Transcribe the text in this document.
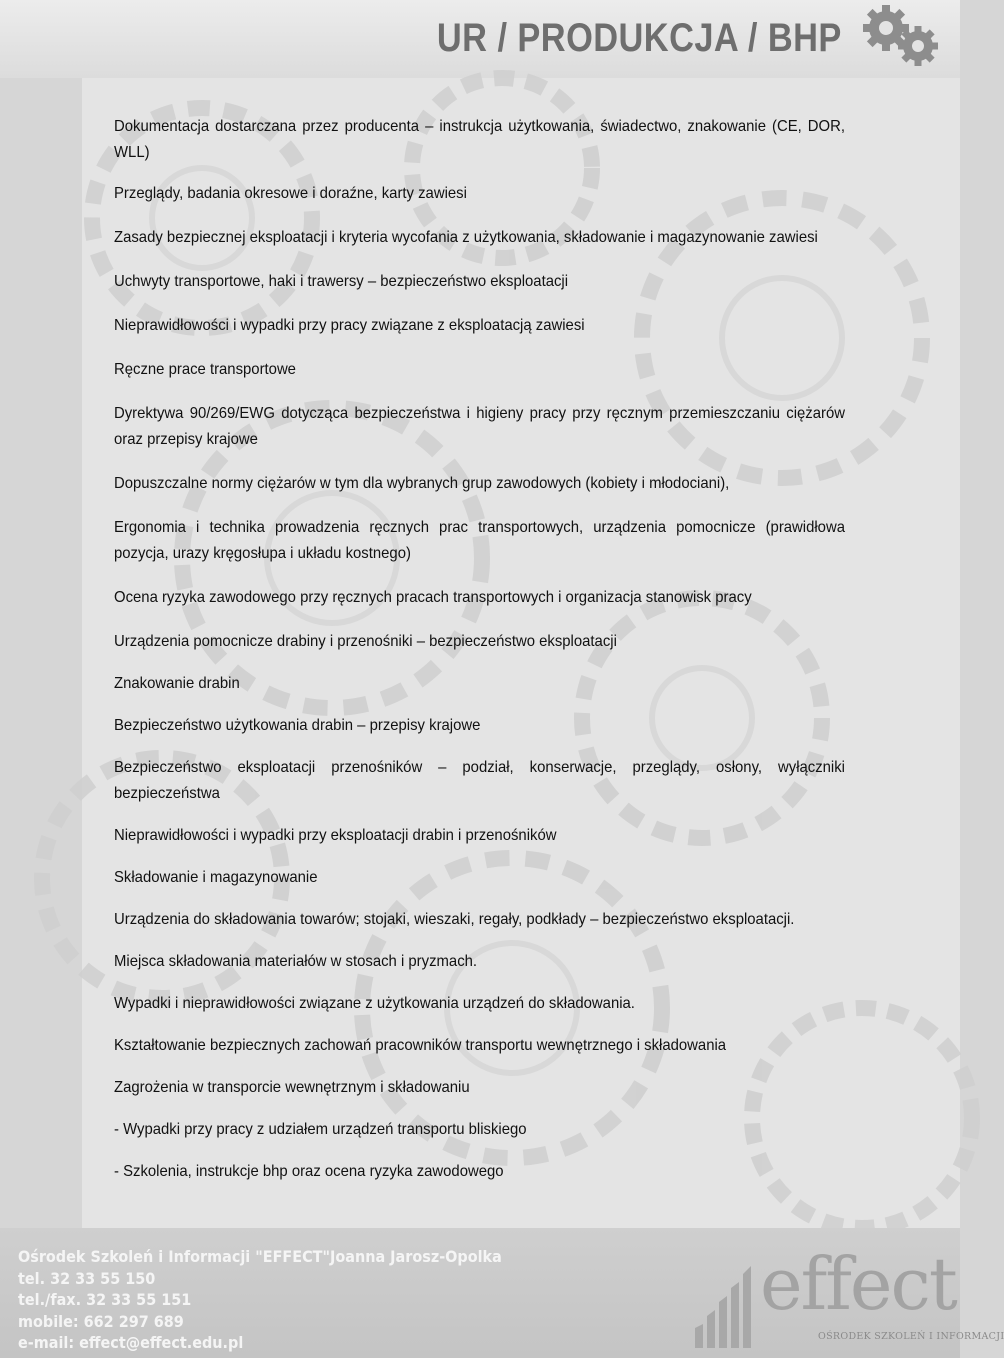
UR / PRODUKCJA / BHP
Dokumentacja dostarczana przez producenta – instrukcja użytkowania, świadectwo, znakowanie (CE, DOR, WLL)
Przeglądy, badania okresowe i doraźne, karty zawiesi
Zasady bezpiecznej eksploatacji i kryteria wycofania z użytkowania, składowanie i magazynowanie zawiesi
Uchwyty transportowe, haki i trawersy – bezpieczeństwo eksploatacji
Nieprawidłowości i wypadki przy pracy związane z eksploatacją zawiesi
Ręczne prace transportowe
Dyrektywa 90/269/EWG dotycząca bezpieczeństwa i higieny pracy przy ręcznym przemieszczaniu ciężarów oraz przepisy krajowe
Dopuszczalne normy ciężarów w tym dla wybranych grup zawodowych (kobiety i młodociani),
Ergonomia i technika prowadzenia ręcznych prac transportowych, urządzenia pomocnicze (prawidłowa pozycja, urazy kręgosłupa i układu kostnego)
Ocena ryzyka zawodowego przy ręcznych pracach transportowych i organizacja stanowisk pracy
Urządzenia pomocnicze drabiny i przenośniki – bezpieczeństwo eksploatacji
Znakowanie drabin
Bezpieczeństwo użytkowania drabin – przepisy krajowe
Bezpieczeństwo eksploatacji przenośników – podział, konserwacje, przeglądy, osłony, wyłączniki bezpieczeństwa
Nieprawidłowości i wypadki przy eksploatacji drabin i przenośników
Składowanie i magazynowanie
Urządzenia do składowania towarów; stojaki, wieszaki, regały, podkłady – bezpieczeństwo eksploatacji.
Miejsca składowania materiałów w stosach i pryzmach.
Wypadki i nieprawidłowości związane z użytkowania urządzeń do składowania.
Kształtowanie bezpiecznych zachowań pracowników transportu wewnętrznego i składowania
Zagrożenia w transporcie wewnętrznym i składowaniu
- Wypadki przy pracy z udziałem urządzeń transportu bliskiego
- Szkolenia, instrukcje bhp oraz ocena ryzyka zawodowego
Ośrodek Szkoleń i Informacji "EFFECT"Joanna Jarosz-Opolka
tel. 32 33 55 150
tel./fax. 32 33 55 151
mobile: 662 297 689
e-mail: effect@effect.edu.pl
effect
OŚRODEK SZKOLEŃ I INFORMACJI
